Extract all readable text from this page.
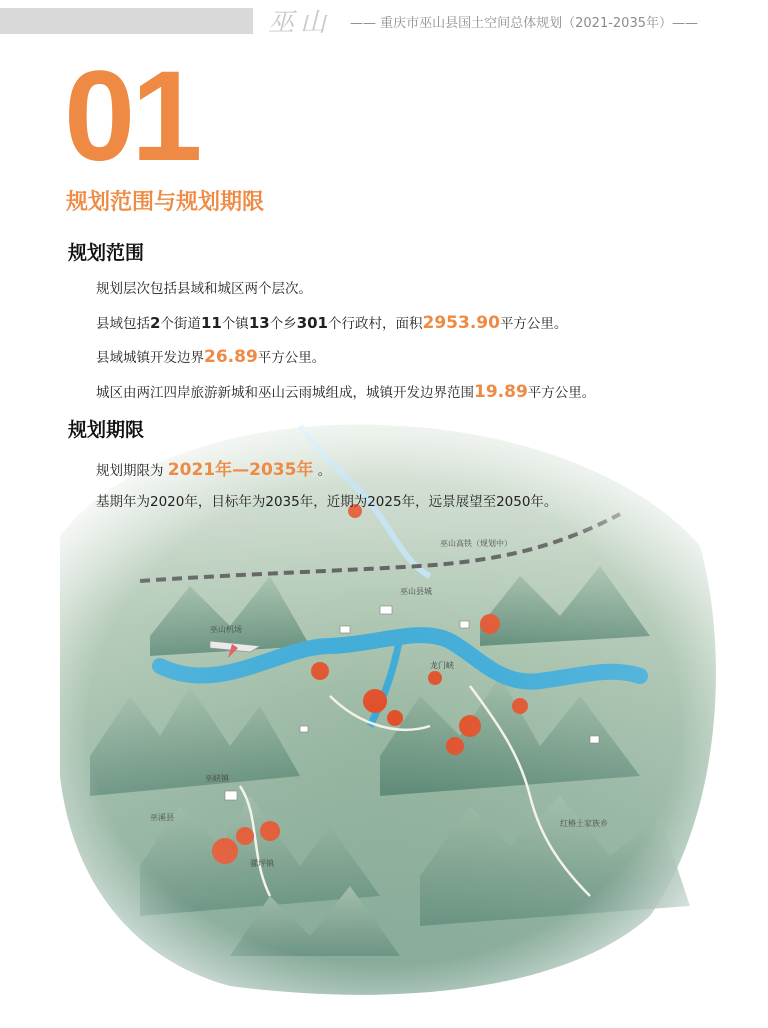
巫山	—— 重庆市巫山县国土空间总体规划（2021-2035年）——
01
规划范围与规划期限
规划范围
规划层次包括县域和城区两个层次。
县域包括2个街道11个镇13个乡301个行政村，面积2953.90平方公里。
县域城镇开发边界26.89平方公里。
城区由两江四岸旅游新城和巫山云雨城组成，城镇开发边界范围19.89平方公里。
规划期限
规划期限为 2021年—2035年 。
基期年为2020年，目标年为2035年，近期为2025年，远景展望至2050年。
